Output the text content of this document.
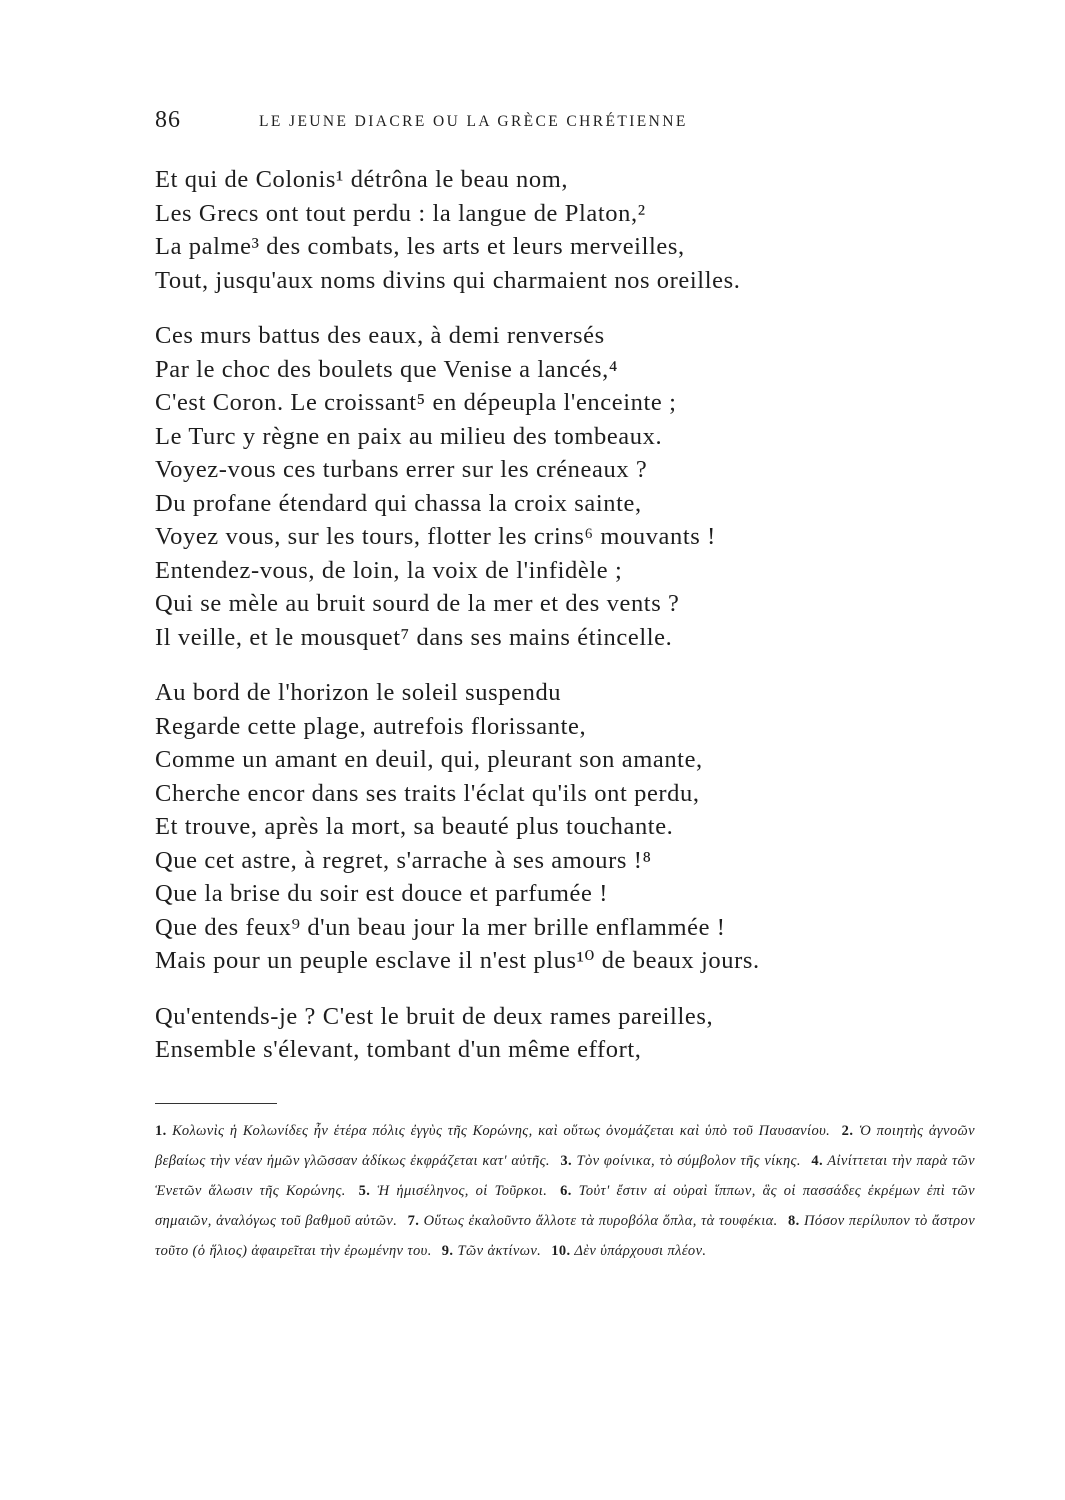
86	LE JEUNE DIACRE OU LA GRÈCE CHRÉTIENNE
Et qui de Colonis¹ détrôna le beau nom,
Les Grecs ont tout perdu : la langue de Platon,²
La palme³ des combats, les arts et leurs merveilles,
Tout, jusqu'aux noms divins qui charmaient nos oreilles.
Ces murs battus des eaux, à demi renversés
Par le choc des boulets que Venise a lancés,⁴
C'est Coron. Le croissant⁵ en dépeupla l'enceinte ;
Le Turc y règne en paix au milieu des tombeaux.
Voyez-vous ces turbans errer sur les créneaux ?
Du profane étendard qui chassa la croix sainte,
Voyez vous, sur les tours, flotter les crins⁶ mouvants !
Entendez-vous, de loin, la voix de l'infidèle ;
Qui se mèle au bruit sourd de la mer et des vents ?
Il veille, et le mousquet⁷ dans ses mains étincelle.
Au bord de l'horizon le soleil suspendu
Regarde cette plage, autrefois florissante,
Comme un amant en deuil, qui, pleurant son amante,
Cherche encor dans ses traits l'éclat qu'ils ont perdu,
Et trouve, après la mort, sa beauté plus touchante.
Que cet astre, à regret, s'arrache à ses amours !⁸
Que la brise du soir est douce et parfumée !
Que des feux⁹ d'un beau jour la mer brille enflammée !
Mais pour un peuple esclave il n'est plus¹⁰ de beaux jours.
Qu'entends-je ? C'est le bruit de deux rames pareilles,
Ensemble s'élevant, tombant d'un même effort,
1. Κολωνὶς ἡ Κολωνίδες ἦν ἑτέρα πόλις ἐγγὺς τῆς Κορώνης, καὶ οὕτως ὀνομάζεται καὶ ὑπὸ τοῦ Παυσανίου. 2. Ὁ ποιητὴς ἀγνοῶν βεβαίως τὴν νέαν ἡμῶν γλῶσσαν ἀδίκως ἐκφράζεται κατ' αὐτῆς. 3. Τὸν φοίνικα, τὸ σύμβολον τῆς νίκης. 4. Αἰνίττεται τὴν παρὰ τῶν Ἑνετῶν ἅλωσιν τῆς Κορώνης. 5. Ἡ ἡμισέληνος, οἱ Τοῦρκοι. 6. Τοὐτ' ἔστιν αἱ οὐραὶ ἵππων, ἃς οἱ πασσάδες ἐκρέμων ἐπὶ τῶν σημαιῶν, ἀναλόγως τοῦ βαθμοῦ αὐτῶν. 7. Οὕτως ἐκαλοῦντο ἄλλοτε τὰ πυροβόλα ὅπλα, τὰ τουφέκια. 8. Πόσον περίλυπον τὸ ἄστρον τοῦτο (ὁ ἥλιος) ἀφαιρεῖται τὴν ἐρωμένην του. 9. Τῶν ἀκτίνων. 10. Δὲν ὑπάρχουσι πλέον.
